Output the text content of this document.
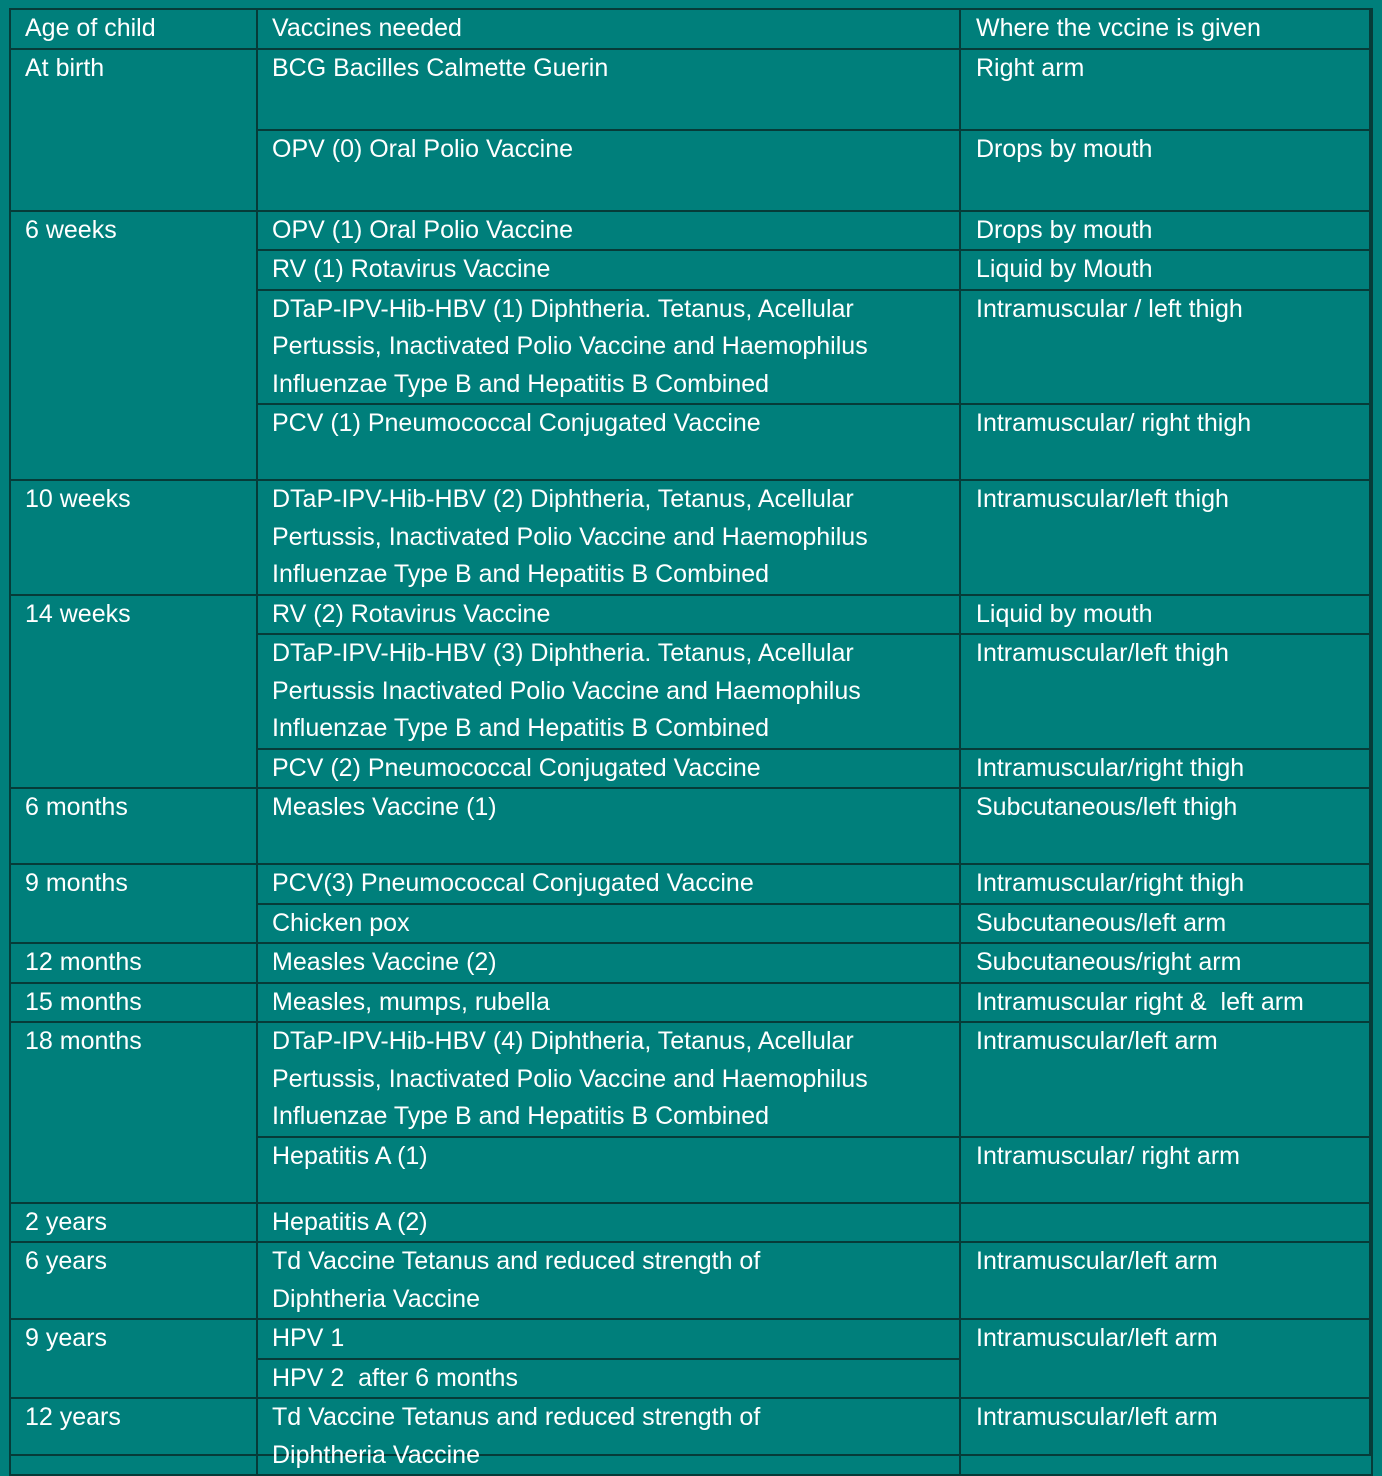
Age of child	Vaccines needed	Where the vccine is given
At birth	BCG Bacilles Calmette Guerin	Right arm

	OPV (0) Oral Polio Vaccine	Drops by mouth
6 weeks	OPV (1) Oral Polio Vaccine	Drops by mouth

	RV (1) Rotavirus Vaccine	Liquid by Mouth

	DTaP-IPV-Hib-HBV (1) Diphtheria. Tetanus, Acellular
Pertussis, Inactivated Polio Vaccine and Haemophilus
Influenzae Type B and Hepatitis B Combined	Intramuscular / left thigh

	PCV (1) Pneumococcal Conjugated Vaccine	Intramuscular/ right thigh
10 weeks	DTaP-IPV-Hib-HBV (2) Diphtheria, Tetanus, Acellular
Pertussis, Inactivated Polio Vaccine and Haemophilus
Influenzae Type B and Hepatitis B Combined	Intramuscular/left thigh
14 weeks	RV (2) Rotavirus Vaccine	Liquid by mouth

	DTaP-IPV-Hib-HBV (3) Diphtheria. Tetanus, Acellular
Pertussis Inactivated Polio Vaccine and Haemophilus
Influenzae Type B and Hepatitis B Combined	Intramuscular/left thigh

	PCV (2) Pneumococcal Conjugated Vaccine	Intramuscular/right thigh
6 months	Measles Vaccine (1)	Subcutaneous/left thigh
9 months	PCV(3) Pneumococcal Conjugated Vaccine	Intramuscular/right thigh

	Chicken pox	Subcutaneous/left arm
12 months	Measles Vaccine (2)	Subcutaneous/right arm
15 months	Measles, mumps, rubella	Intramuscular right &  left arm
18 months	DTaP-IPV-Hib-HBV (4) Diphtheria, Tetanus, Acellular
Pertussis, Inactivated Polio Vaccine and Haemophilus
Influenzae Type B and Hepatitis B Combined	Intramuscular/left arm

	Hepatitis A (1)	Intramuscular/ right arm
2 years	Hepatitis A (2)	

6 years	Td Vaccine Tetanus and reduced strength of
Diphtheria Vaccine	Intramuscular/left arm
9 years	HPV 1	Intramuscular/left arm

	HPV 2  after 6 months	

12 years	Td Vaccine Tetanus and reduced strength of
Diphtheria Vaccine	Intramuscular/left arm
